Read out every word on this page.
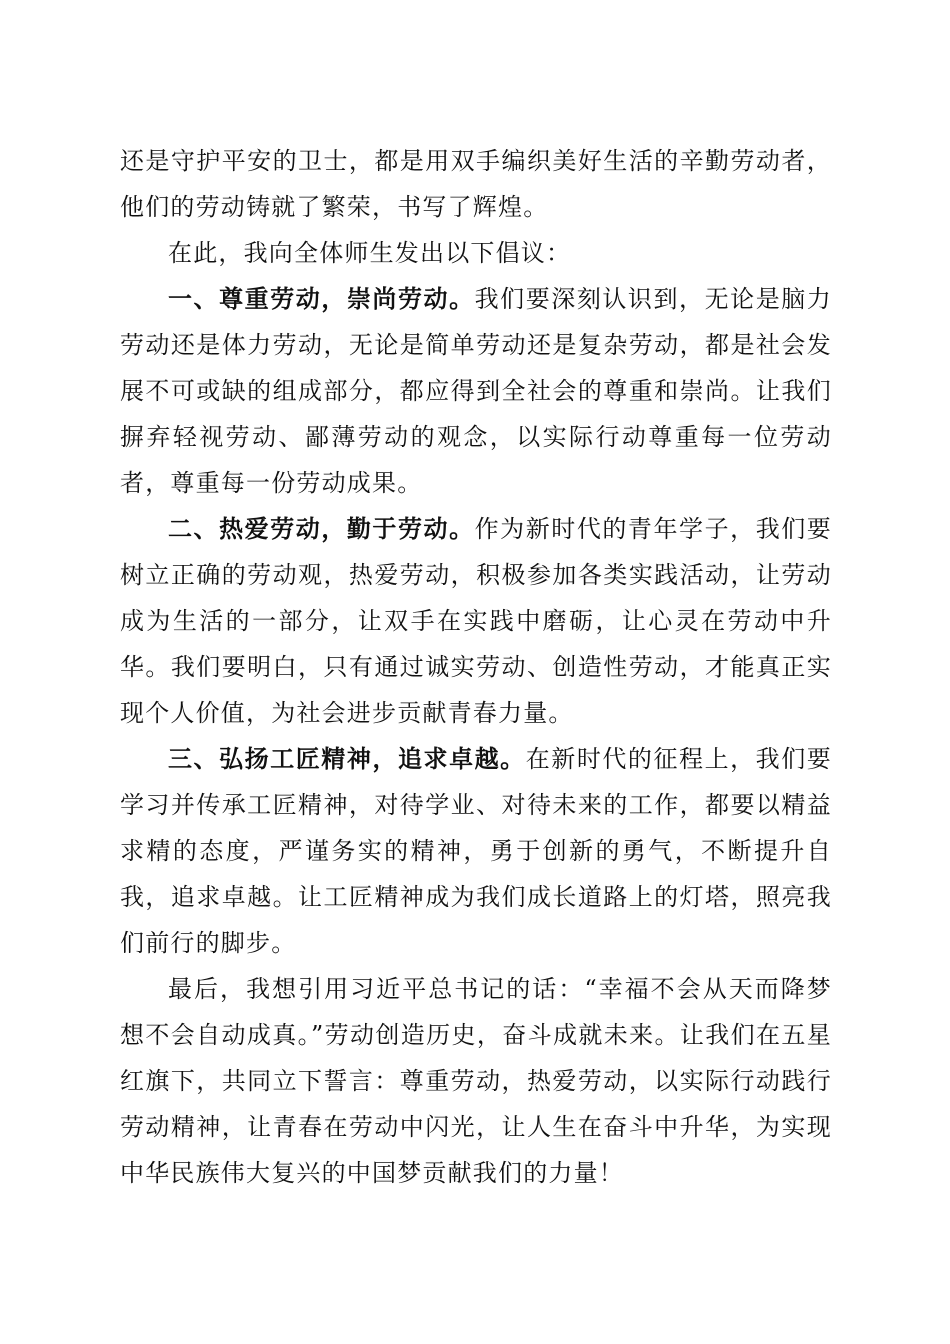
还是守护平安的卫士，都是用双手编织美好生活的辛勤劳动者，他们的劳动铸就了繁荣，书写了辉煌。

在此，我向全体师生发出以下倡议：

一、尊重劳动，崇尚劳动。我们要深刻认识到，无论是脑力劳动还是体力劳动，无论是简单劳动还是复杂劳动，都是社会发展不可或缺的组成部分，都应得到全社会的尊重和崇尚。让我们摒弃轻视劳动、鄙薄劳动的观念，以实际行动尊重每一位劳动者，尊重每一份劳动成果。

二、热爱劳动，勤于劳动。作为新时代的青年学子，我们要树立正确的劳动观，热爱劳动，积极参加各类实践活动，让劳动成为生活的一部分，让双手在实践中磨砺，让心灵在劳动中升华。我们要明白，只有通过诚实劳动、创造性劳动，才能真正实现个人价值，为社会进步贡献青春力量。

三、弘扬工匠精神，追求卓越。在新时代的征程上，我们要学习并传承工匠精神，对待学业、对待未来的工作，都要以精益求精的态度，严谨务实的精神，勇于创新的勇气，不断提升自我，追求卓越。让工匠精神成为我们成长道路上的灯塔，照亮我们前行的脚步。

最后，我想引用习近平总书记的话：“幸福不会从天而降梦想不会自动成真。”劳动创造历史，奋斗成就未来。让我们在五星红旗下，共同立下誓言：尊重劳动，热爱劳动，以实际行动践行劳动精神，让青春在劳动中闪光，让人生在奋斗中升华，为实现中华民族伟大复兴的中国梦贡献我们的力量！
